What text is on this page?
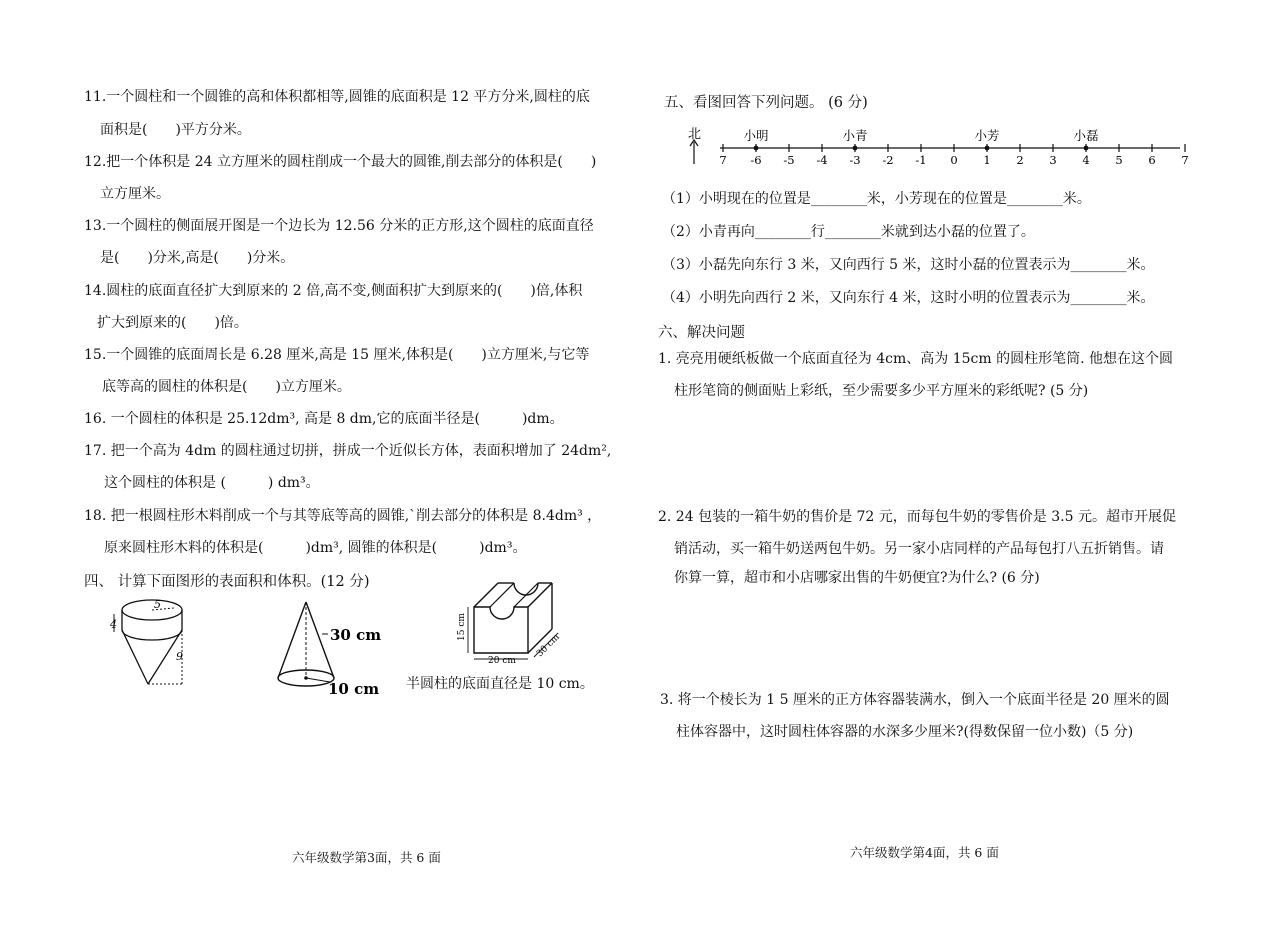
11.一个圆柱和一个圆锥的高和体积都相等,圆锥的底面积是 12 平方分米,圆柱的底
面积是(　　)平方分米。
12.把一个体积是 24 立方厘米的圆柱削成一个最大的圆锥,削去部分的体积是(　　)
立方厘米。
13.一个圆柱的侧面展开图是一个边长为 12.56 分米的正方形,这个圆柱的底面直径
是(　　)分米,高是(　　)分米。
14.圆柱的底面直径扩大到原来的 2 倍,高不变,侧面积扩大到原来的(　　)倍,体积
扩大到原来的(　　)倍。
15.一个圆锥的底面周长是 6.28 厘米,高是 15 厘米,体积是(　　)立方厘米,与它等
底等高的圆柱的体积是(　　)立方厘米。
16. 一个圆柱的体积是 25.12dm³, 高是 8 dm,它的底面半径是(　　　)dm。
17. 把一个高为 4dm 的圆柱通过切拼，拼成一个近似长方体，表面积增加了 24dm²,
这个圆柱的体积是 (　　　) dm³。
18. 把一根圆柱形木料削成一个与其等底等高的圆锥,`削去部分的体积是 8.4dm³ ，
原来圆柱形木料的体积是(　　　)dm³, 圆锥的体积是(　　　)dm³。
四、 计算下面图形的表面积和体积。(12 分)
5
4
9
30 cm
10 cm
15 cm
20 cm
30 cm
半圆柱的底面直径是 10 cm。
六年级数学第3面，共 6 面
五、看图回答下列问题。 (6 分)
北
7 -6 -5 -4 -3 -2 -1 0 1 2 3 4 5 6 7
小明	小青	小芳	小磊
（1）小明现在的位置是________米，小芳现在的位置是________米。
（2）小青再向________行________米就到达小磊的位置了。
（3）小磊先向东行 3 米，又向西行 5 米，这时小磊的位置表示为________米。
（4）小明先向西行 2 米，又向东行 4 米，这时小明的位置表示为________米。
六、解决问题
1. 亮亮用硬纸板做一个底面直径为 4cm、高为 15cm 的圆柱形笔筒. 他想在这个圆
柱形笔筒的侧面贴上彩纸，至少需要多少平方厘米的彩纸呢? (5 分)
2. 24 包装的一箱牛奶的售价是 72 元，而每包牛奶的零售价是 3.5 元。超市开展促
销活动，买一箱牛奶送两包牛奶。另一家小店同样的产品每包打八五折销售。请
你算一算，超市和小店哪家出售的牛奶便宜?为什么? (6 分)
3. 将一个棱长为 1 5 厘米的正方体容器装满水，倒入一个底面半径是 20 厘米的圆
柱体容器中，这时圆柱体容器的水深多少厘米?(得数保留一位小数)（5 分)
六年级数学第4面，共 6 面
